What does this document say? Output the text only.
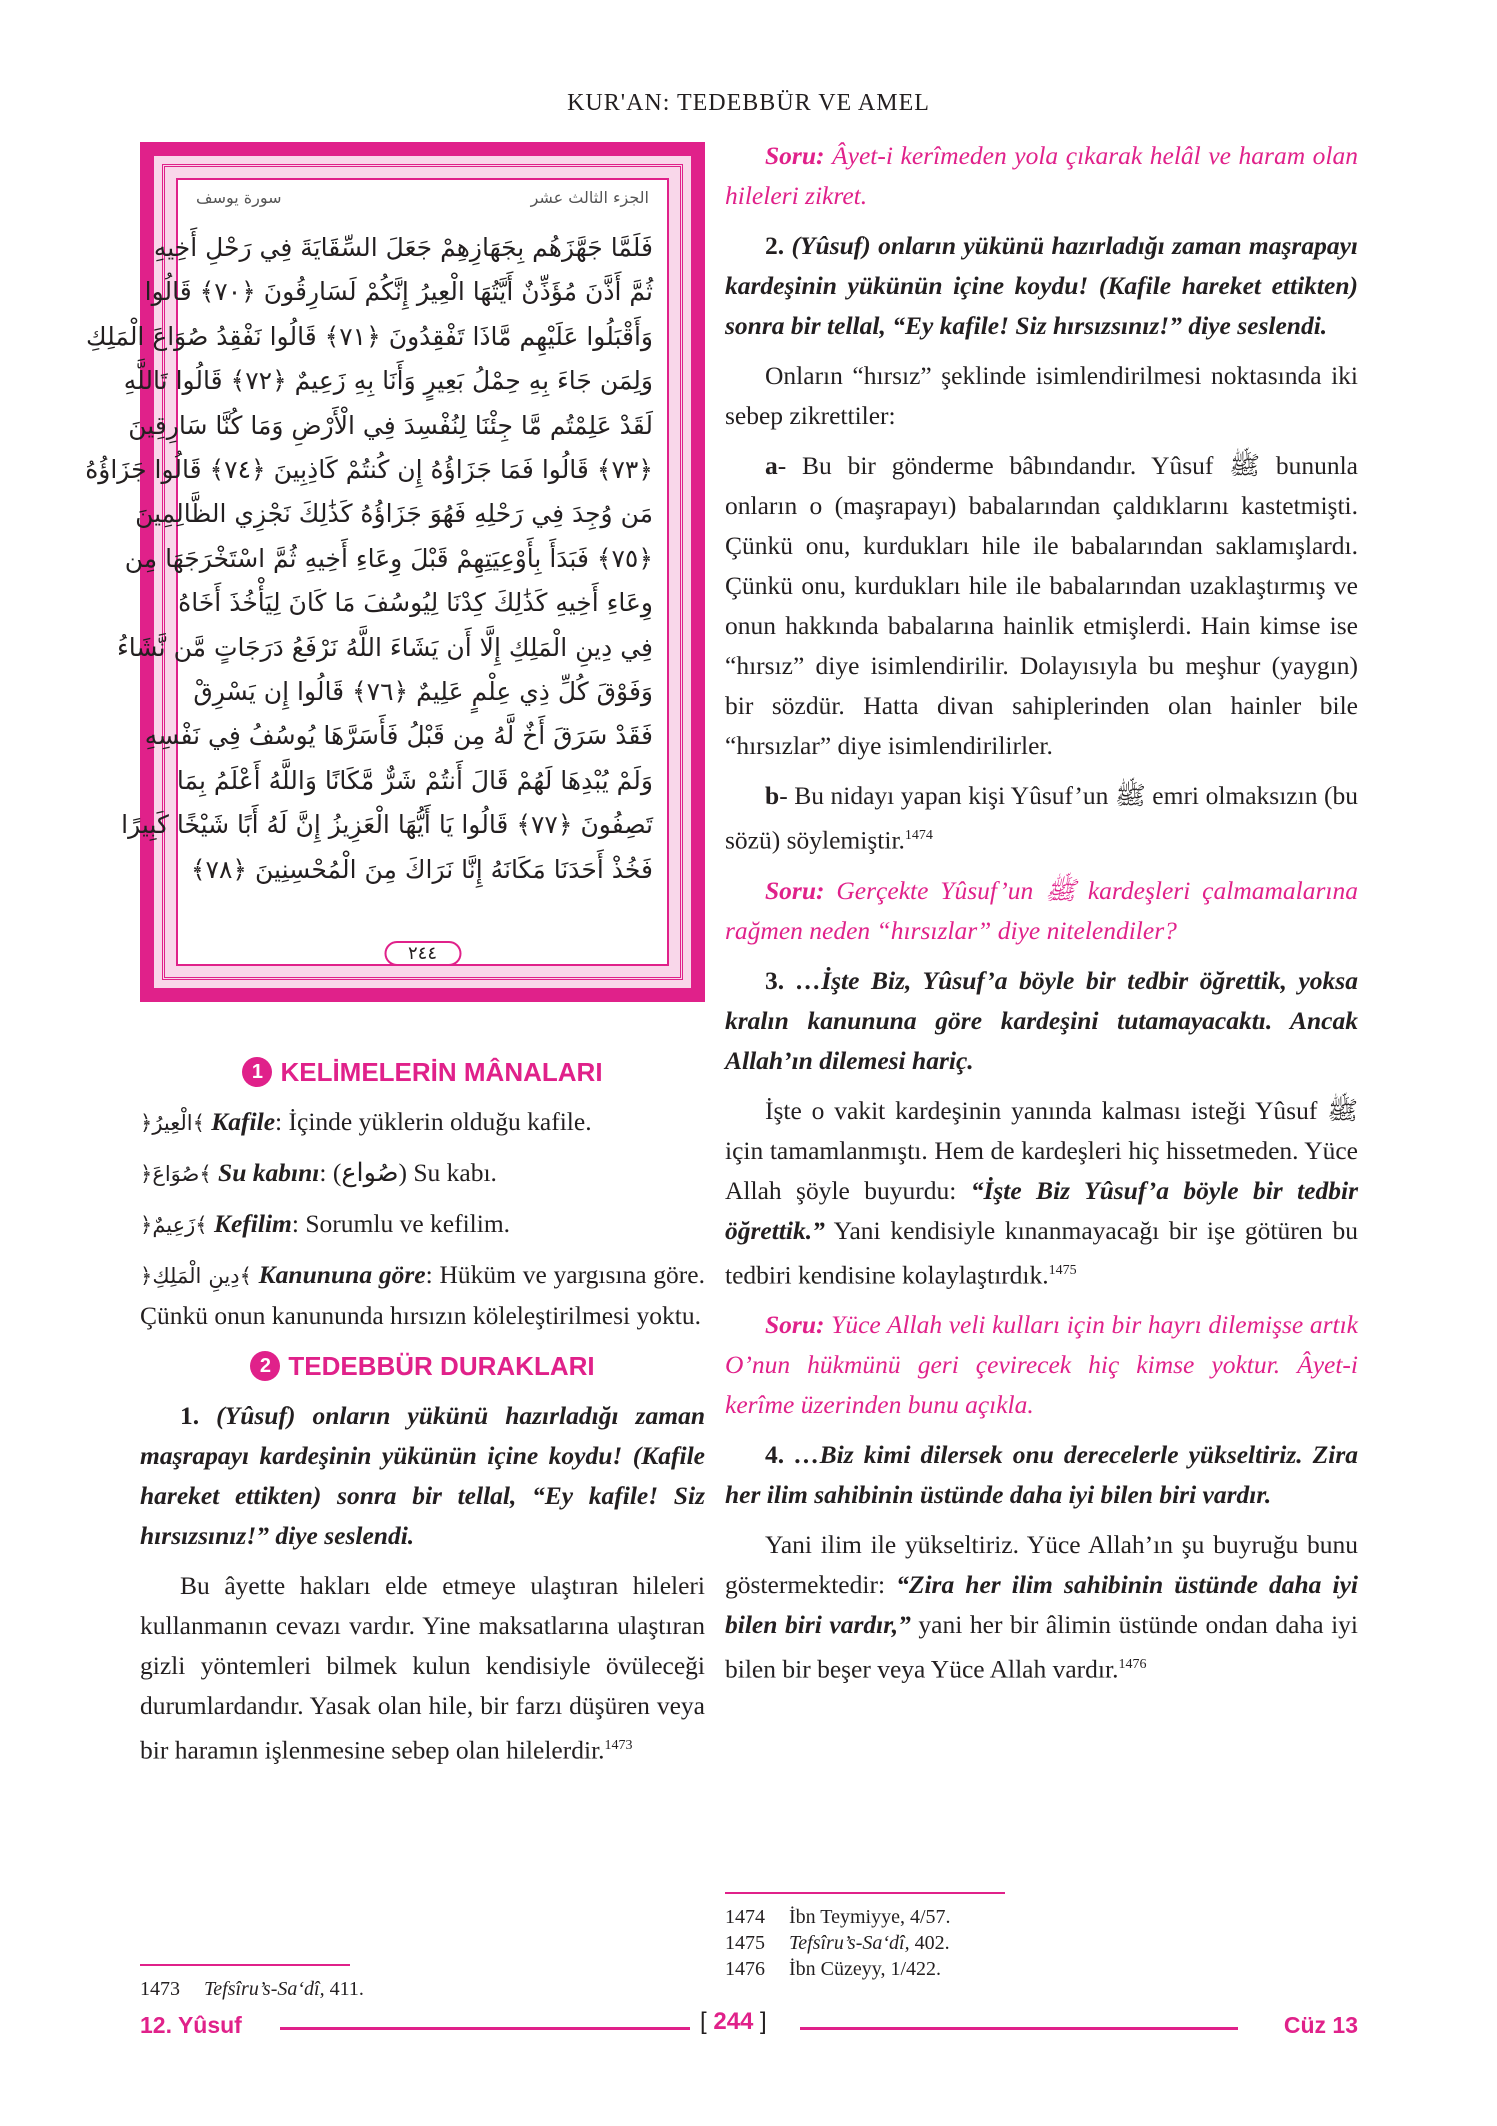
KUR'AN: TEDEBBÜR VE AMEL
سورة يوسف	الجزء الثالث عشر
فَلَمَّا جَهَّزَهُم بِجَهَازِهِمْ جَعَلَ السِّقَايَةَ فِي رَحْلِ أَخِيهِ
ثُمَّ أَذَّنَ مُؤَذِّنٌ أَيَّتُهَا الْعِيرُ إِنَّكُمْ لَسَارِقُونَ ﴿٧٠﴾ قَالُوا
وَأَقْبَلُوا عَلَيْهِم مَّاذَا تَفْقِدُونَ ﴿٧١﴾ قَالُوا نَفْقِدُ صُوَاعَ الْمَلِكِ
وَلِمَن جَاءَ بِهِ حِمْلُ بَعِيرٍ وَأَنَا بِهِ زَعِيمٌ ﴿٧٢﴾ قَالُوا تَاللَّهِ
لَقَدْ عَلِمْتُم مَّا جِئْنَا لِنُفْسِدَ فِي الْأَرْضِ وَمَا كُنَّا سَارِقِينَ
﴿٧٣﴾ قَالُوا فَمَا جَزَاؤُهُ إِن كُنتُمْ كَاذِبِينَ ﴿٧٤﴾ قَالُوا جَزَاؤُهُ
مَن وُجِدَ فِي رَحْلِهِ فَهُوَ جَزَاؤُهُ كَذَٰلِكَ نَجْزِي الظَّالِمِينَ
﴿٧٥﴾ فَبَدَأَ بِأَوْعِيَتِهِمْ قَبْلَ وِعَاءِ أَخِيهِ ثُمَّ اسْتَخْرَجَهَا مِن
وِعَاءِ أَخِيهِ كَذَٰلِكَ كِدْنَا لِيُوسُفَ مَا كَانَ لِيَأْخُذَ أَخَاهُ
فِي دِينِ الْمَلِكِ إِلَّا أَن يَشَاءَ اللَّهُ نَرْفَعُ دَرَجَاتٍ مَّن نَّشَاءُ
وَفَوْقَ كُلِّ ذِي عِلْمٍ عَلِيمٌ ﴿٧٦﴾ قَالُوا إِن يَسْرِقْ
فَقَدْ سَرَقَ أَخٌ لَّهُ مِن قَبْلُ فَأَسَرَّهَا يُوسُفُ فِي نَفْسِهِ
وَلَمْ يُبْدِهَا لَهُمْ قَالَ أَنتُمْ شَرٌّ مَّكَانًا وَاللَّهُ أَعْلَمُ بِمَا
تَصِفُونَ ﴿٧٧﴾ قَالُوا يَا أَيُّهَا الْعَزِيزُ إِنَّ لَهُ أَبًا شَيْخًا كَبِيرًا
فَخُذْ أَحَدَنَا مَكَانَهُ إِنَّا نَرَاكَ مِنَ الْمُحْسِنِينَ ﴿٧٨﴾
٢٤٤
1 KELİMELERİN MÂNALARI

﴿الْعِيرُ﴾ Kafile: İçinde yüklerin olduğu kafile.

﴿صُوَاعَ﴾ Su kabını: (صُواع) Su kabı.

﴿زَعِيمٌ﴾ Kefilim: Sorumlu ve kefilim.

﴿دِينِ الْمَلِكِ﴾ Kanununa göre: Hüküm ve yargısına göre. Çünkü onun kanununda hırsızın köleleştirilmesi yoktu.

2 TEDEBBÜR DURAKLARI

1. (Yûsuf) onların yükünü hazırladığı zaman maşrapayı kardeşinin yükünün içine koydu! (Kafile hareket ettikten) sonra bir tellal, “Ey kafile! Siz hırsızsınız!” diye seslendi.

Bu âyette hakları elde etmeye ulaştıran hileleri kullanmanın cevazı vardır. Yine maksatlarına ulaştıran gizli yöntemleri bilmek kulun kendisiyle övüleceği durumlardandır. Yasak olan hile, bir farzı düşüren veya bir haramın işlenmesine sebep olan hilelerdir.$^{1473}$

1473 Tefsîru’s-Sa‘dî, 411.

Soru: Âyet-i kerîmeden yola çıkarak helâl ve haram olan hileleri zikret.

2. (Yûsuf) onların yükünü hazırladığı zaman maşrapayı kardeşinin yükünün içine koydu! (Kafile hareket ettikten) sonra bir tellal, “Ey kafile! Siz hırsızsınız!” diye seslendi.

Onların “hırsız” şeklinde isimlendirilmesi noktasında iki sebep zikrettiler:

a- Bu bir gönderme bâbındandır. Yûsuf ﷺ bununla onların o (maşrapayı) babalarından çaldıklarını kastetmişti. Çünkü onu, kurdukları hile ile babalarından saklamışlardı. Çünkü onu, kurdukları hile ile babalarından uzaklaştırmış ve onun hakkında babalarına hainlik etmişlerdi. Hain kimse ise “hırsız” diye isimlendirilir. Dolayısıyla bu meşhur (yaygın) bir sözdür. Hatta divan sahiplerinden olan hainler bile “hırsızlar” diye isimlendirilirler.

b- Bu nidayı yapan kişi Yûsuf’un ﷺ emri olmaksızın (bu sözü) söylemiştir.$^{1474}$

Soru: Gerçekte Yûsuf’un ﷺ kardeşleri çalmamalarına rağmen neden “hırsızlar” diye nitelendiler?

3. …İşte Biz, Yûsuf’a böyle bir tedbir öğrettik, yoksa kralın kanununa göre kardeşini tutamayacaktı. Ancak Allah’ın dilemesi hariç.

İşte o vakit kardeşinin yanında kalması isteği Yûsuf ﷺ için tamamlanmıştı. Hem de kardeşleri hiç hissetmeden. Yüce Allah şöyle buyurdu: “İşte Biz Yûsuf’a böyle bir tedbir öğrettik.” Yani kendisiyle kınanmayacağı bir işe götüren bu tedbiri kendisine kolaylaştırdık.$^{1475}$

Soru: Yüce Allah veli kulları için bir hayrı dilemişse artık O’nun hükmünü geri çevirecek hiç kimse yoktur. Âyet-i kerîme üzerinden bunu açıkla.

4. …Biz kimi dilersek onu derecelerle yükseltiriz. Zira her ilim sahibinin üstünde daha iyi bilen biri vardır.

Yani ilim ile yükseltiriz. Yüce Allah’ın şu buyruğu bunu göstermektedir: “Zira her ilim sahibinin üstünde daha iyi bilen biri vardır,” yani her bir âlimin üstünde ondan daha iyi bilen bir beşer veya Yüce Allah vardır.$^{1476}$

1474 İbn Teymiyye, 4/57.
1475 Tefsîru’s-Sa‘dî, 402.
1476 İbn Cüzeyy, 1/422.
12. Yûsuf	[ 244 ]	Cüz 13
